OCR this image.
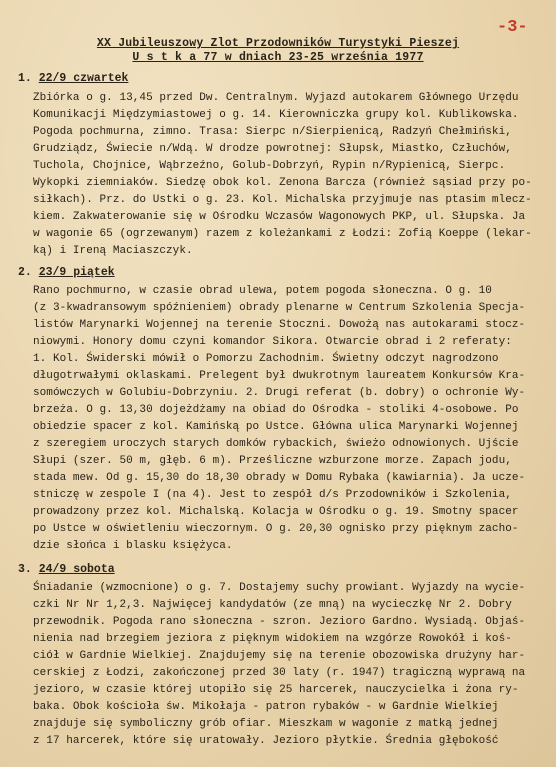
-3-
XX Jubileuszowy Zlot Przodowników Turystyki Pieszej
U s t k a 77 w dniach 23-25 września 1977
1. 22/9 czwartek
Zbiórka o g. 13,45 przed Dw. Centralnym. Wyjazd autokarem Głównego Urzędu
Komunikacji Międzymiastowej o g. 14. Kierowniczka grupy kol. Kublikowska.
Pogoda pochmurna, zimno. Trasa: Sierpc n/Sierpienicą, Radzyń Chełmiński,
Grudziądz, Świecie n/Wdą. W drodze powrotnej: Słupsk, Miastko, Człuchów,
Tuchola, Chojnice, Wąbrzeźno, Golub-Dobrzyń, Rypin n/Rypienicą, Sierpc.
Wykopki ziemniaków. Siedzę obok kol. Zenona Barcza (również sąsiad przy po-
siłkach). Prz. do Ustki o g. 23. Kol. Michalska przyjmuje nas ptasim mlecz-
kiem. Zakwaterowanie się w Ośrodku Wczasów Wagonowych PKP, ul. Słupska. Ja
w wagonie 65 (ogrzewanym) razem z koleżankami z Łodzi: Zofią Koeppe (lekar-
ką) i Ireną Maciaszczyk.
2. 23/9 piątek
Rano pochmurno, w czasie obrad ulewa, potem pogoda słoneczna. O g. 10
(z 3-kwadransowym spóźnieniem) obrady plenarne w Centrum Szkolenia Specja-
listów Marynarki Wojennej na terenie Stoczni. Dowożą nas autokarami stocz-
niowymi. Honory domu czyni komandor Sikora. Otwarcie obrad i 2 referaty:
1. Kol. Świderski mówił o Pomorzu Zachodnim. Świetny odczyt nagrodzono
długotrwałymi oklaskami. Prelegent był dwukrotnym laureatem Konkursów Kra-
somówczych w Golubiu-Dobrzyniu. 2. Drugi referat (b. dobry) o ochronie Wy-
brzeża. O g. 13,30 dojeżdżamy na obiad do Ośrodka - stoliki 4-osobowe. Po
obiedzie spacer z kol. Kamińską po Ustce. Główna ulica Marynarki Wojennej
z szeregiem uroczych starych domków rybackich, świeżo odnowionych. Ujście
Słupi (szer. 50 m, głęb. 6 m). Prześliczne wzburzone morze. Zapach jodu,
stada mew. Od g. 15,30 do 18,30 obrady w Domu Rybaka (kawiarnia). Ja ucze-
stniczę w zespole I (na 4). Jest to zespół d/s Przodowników i Szkolenia,
prowadzony przez kol. Michalską. Kolacja w Ośrodku o g. 19. Smotny spacer
po Ustce w oświetleniu wieczornym. O g. 20,30 ognisko przy pięknym zacho-
dzie słońca i blasku księżyca.
3. 24/9 sobota
Śniadanie (wzmocnione) o g. 7. Dostajemy suchy prowiant. Wyjazdy na wycie-
czki Nr Nr 1,2,3. Najwięcej kandydatów (ze mną) na wycieczkę Nr 2. Dobry
przewodnik. Pogoda rano słoneczna - szron. Jezioro Gardno. Wysiadą. Objaś-
nienia nad brzegiem jeziora z pięknym widokiem na wzgórze Rowokół i koś-
ciół w Gardnie Wielkiej. Znajdujemy się na terenie obozowiska drużyny har-
cerskiej z Łodzi, zakończonej przed 30 laty (r. 1947) tragiczną wyprawą na
jezioro, w czasie której utopiło się 25 harcerek, nauczycielka i żona ry-
baka. Obok kościoła św. Mikołaja - patron rybaków - w Gardnie Wielkiej
znajduje się symboliczny grób ofiar. Mieszkam w wagonie z matką jednej
z 17 harcerek, które się uratowały. Jezioro płytkie. Średnia głębokość
